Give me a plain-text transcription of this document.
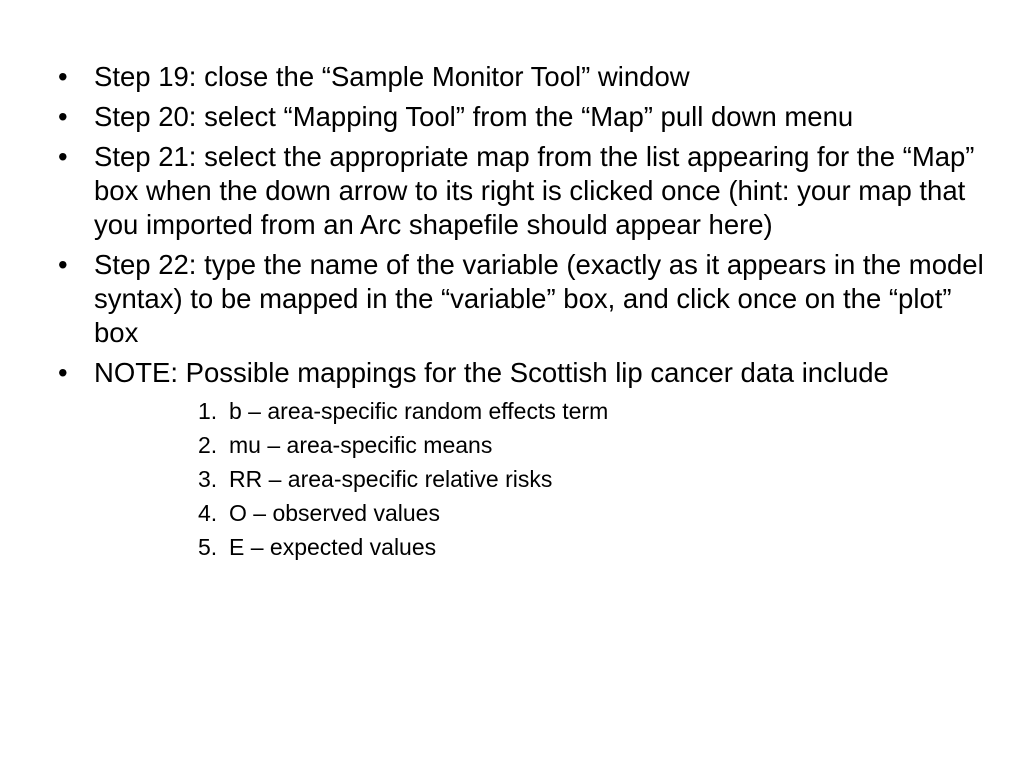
• Step 19: close the “Sample Monitor Tool” window
• Step 20: select “Mapping Tool” from the “Map” pull down menu
• Step 21: select the appropriate map from the list appearing for the “Map” box when the down arrow to its right is clicked once (hint: your map that you imported from an Arc shapefile should appear here)
• Step 22: type the name of the variable (exactly as it appears in the model syntax) to be mapped in the “variable” box, and click once on the “plot” box
• NOTE: Possible mappings for the Scottish lip cancer data include
1. b – area-specific random effects term
2. mu – area-specific means
3. RR – area-specific relative risks
4. O – observed values
5. E – expected values
